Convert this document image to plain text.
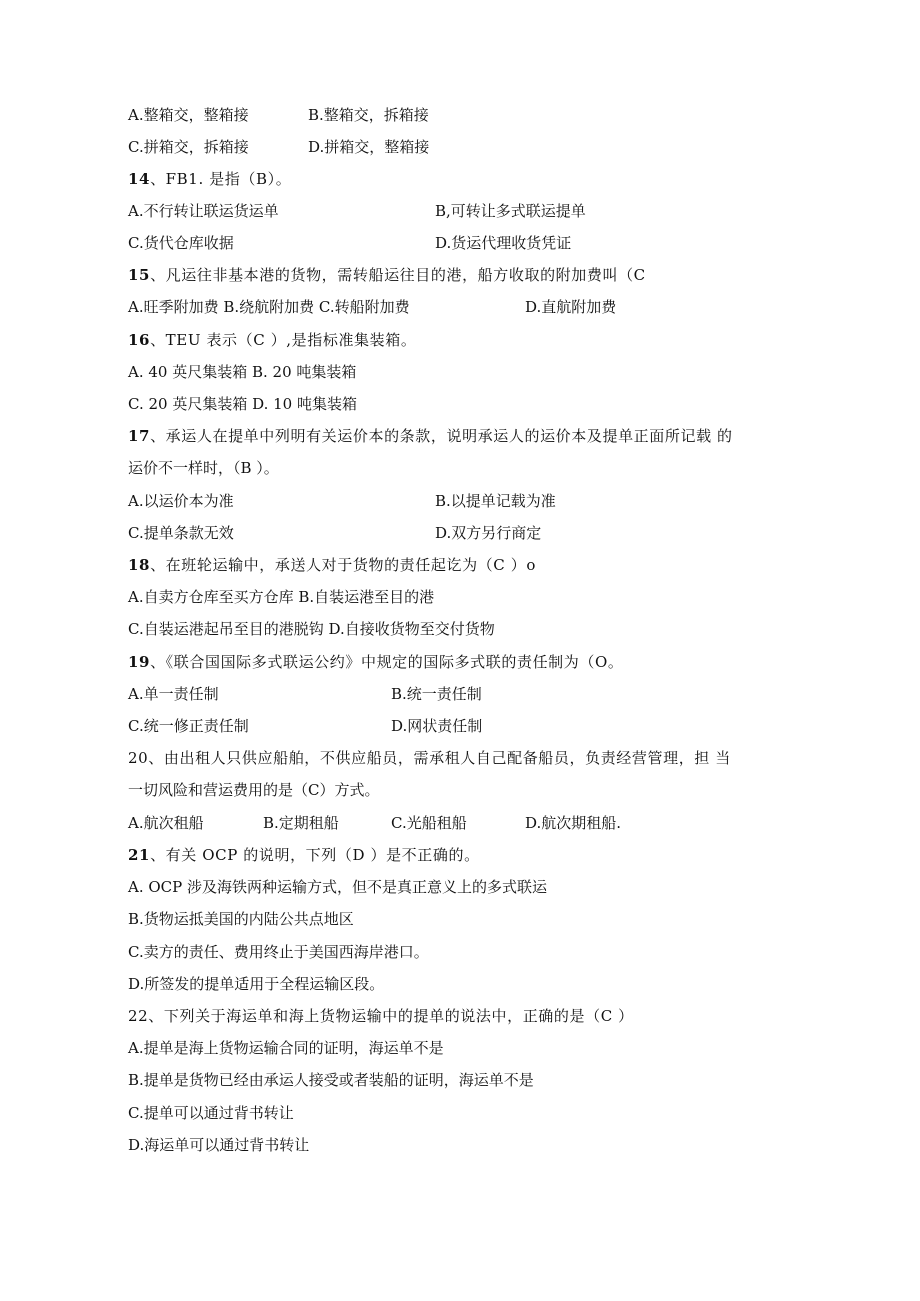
A.整箱交，整箱接	B.整箱交，拆箱接
C.拼箱交，拆箱接	D.拼箱交，整箱接
14、FB1. 是指（B）。
A.不行转让联运货运单	B,可转让多式联运提单
C.货代仓库收据	D.货运代理收货凭证
15、凡运往非基本港的货物，需转船运往目的港，船方收取的附加费叫（C
A.旺季附加费 B.绕航附加费 C.转船附加费	D.直航附加费
16、TEU 表示（C ）,是指标准集装箱。
A. 40 英尺集装箱 B. 20 吨集装箱
C. 20 英尺集装箱 D. 10 吨集装箱
17、承运人在提单中列明有关运价本的条款，说明承运人的运价本及提单正面所记载 的
运价不一样时，（B ）。
A.以运价本为准	B.以提单记载为准
C.提单条款无效	D.双方另行商定
18、在班轮运输中，承送人对于货物的责任起讫为（C ）o
A.自卖方仓库至买方仓库 B.自装运港至目的港
C.自装运港起吊至目的港脱钩 D.自接收货物至交付货物
19、《联合国国际多式联运公约》中规定的国际多式联的责任制为（O。
A.单一责任制	B.统一责任制
C.统一修正责任制	D.网状责任制
20、由出租人只供应船舶，不供应船员，需承租人自己配备船员，负责经营管理，担 当
一切风险和营运费用的是（C）方式。
A.航次租船	B.定期租船	C.光船租船	D.航次期租船.
21、有关 OCP 的说明，下列（D ）是不正确的。
A. OCP 涉及海铁两种运输方式，但不是真正意义上的多式联运
B.货物运抵美国的内陆公共点地区
C.卖方的责任、费用终止于美国西海岸港口。
D.所签发的提单适用于全程运输区段。
22、下列关于海运单和海上货物运输中的提单的说法中，正确的是（C ）
A.提单是海上货物运输合同的证明，海运单不是
B.提单是货物已经由承运人接受或者装船的证明，海运单不是
C.提单可以通过背书转让
D.海运单可以通过背书转让
